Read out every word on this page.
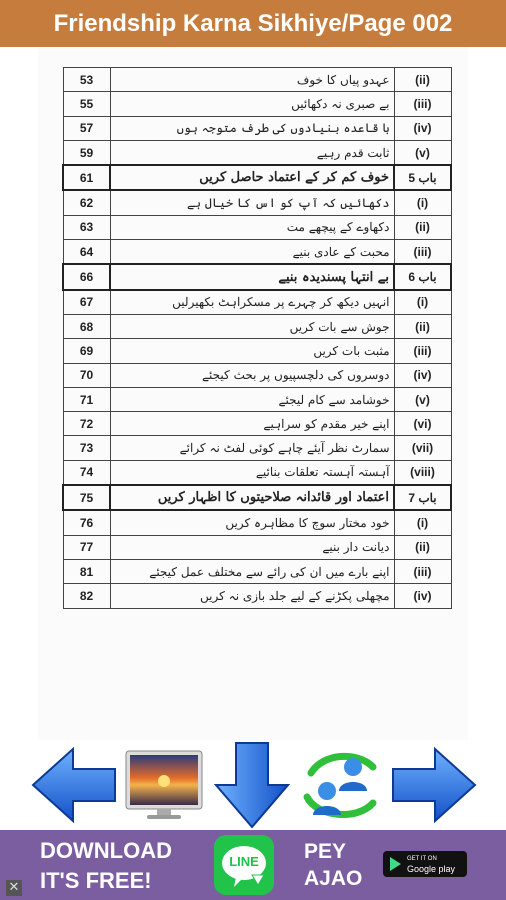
Friendship Karna Sikhiye/Page 002
53	عہدو پیاں کا خوف	(ii)
55	بے صبری نہ دکھائیں	(iii)
57	با قاعدہ بنیادوں کی طرف متوجہ ہوں	(iv)
59	ثابت قدم رہیے	(v)
61	خوف کم کر کے اعتماد حاصل کریں	باب 5
62	دکھائیں کہ آپ کو اس کا خیال ہے	(i)
63	دکھاوے کے پیچھے مت	(ii)
64	محبت کے عادی بنیے	(iii)
66	بے انتہا پسندیدہ بنیے	باب 6
67	انہیں دیکھ کر چہرے پر مسکراہٹ بکھیرلیں	(i)
68	جوش سے بات کریں	(ii)
69	مثبت بات کریں	(iii)
70	دوسروں کی دلچسپیوں پر بحث کیجئے	(iv)
71	خوشامد سے کام لیجئے	(v)
72	اپنے خیر مقدم کو سراہیے	(vi)
73	سمارٹ نظر آیئے چاہے کوئی لفٹ نہ کرائے	(vii)
74	آہستہ آہستہ تعلقات بنائیے	(viii)
75	اعتماد اور قائدانہ صلاحیتوں کا اظہار کریں	باب 7
76	خود مختار سوچ کا مظاہرہ کریں	(i)
77	دیانت دار بنیے	(ii)
81	اپنے بارے میں ان کی رائے سے مختلف عمل کیجئے	(iii)
82	مچھلی پکڑنے کے لیے جلد بازی نہ کریں	(iv)
DOWNLOAD
IT'S FREE!
LINE	PEY
AJAO
GET IT ON
Google play
✕
